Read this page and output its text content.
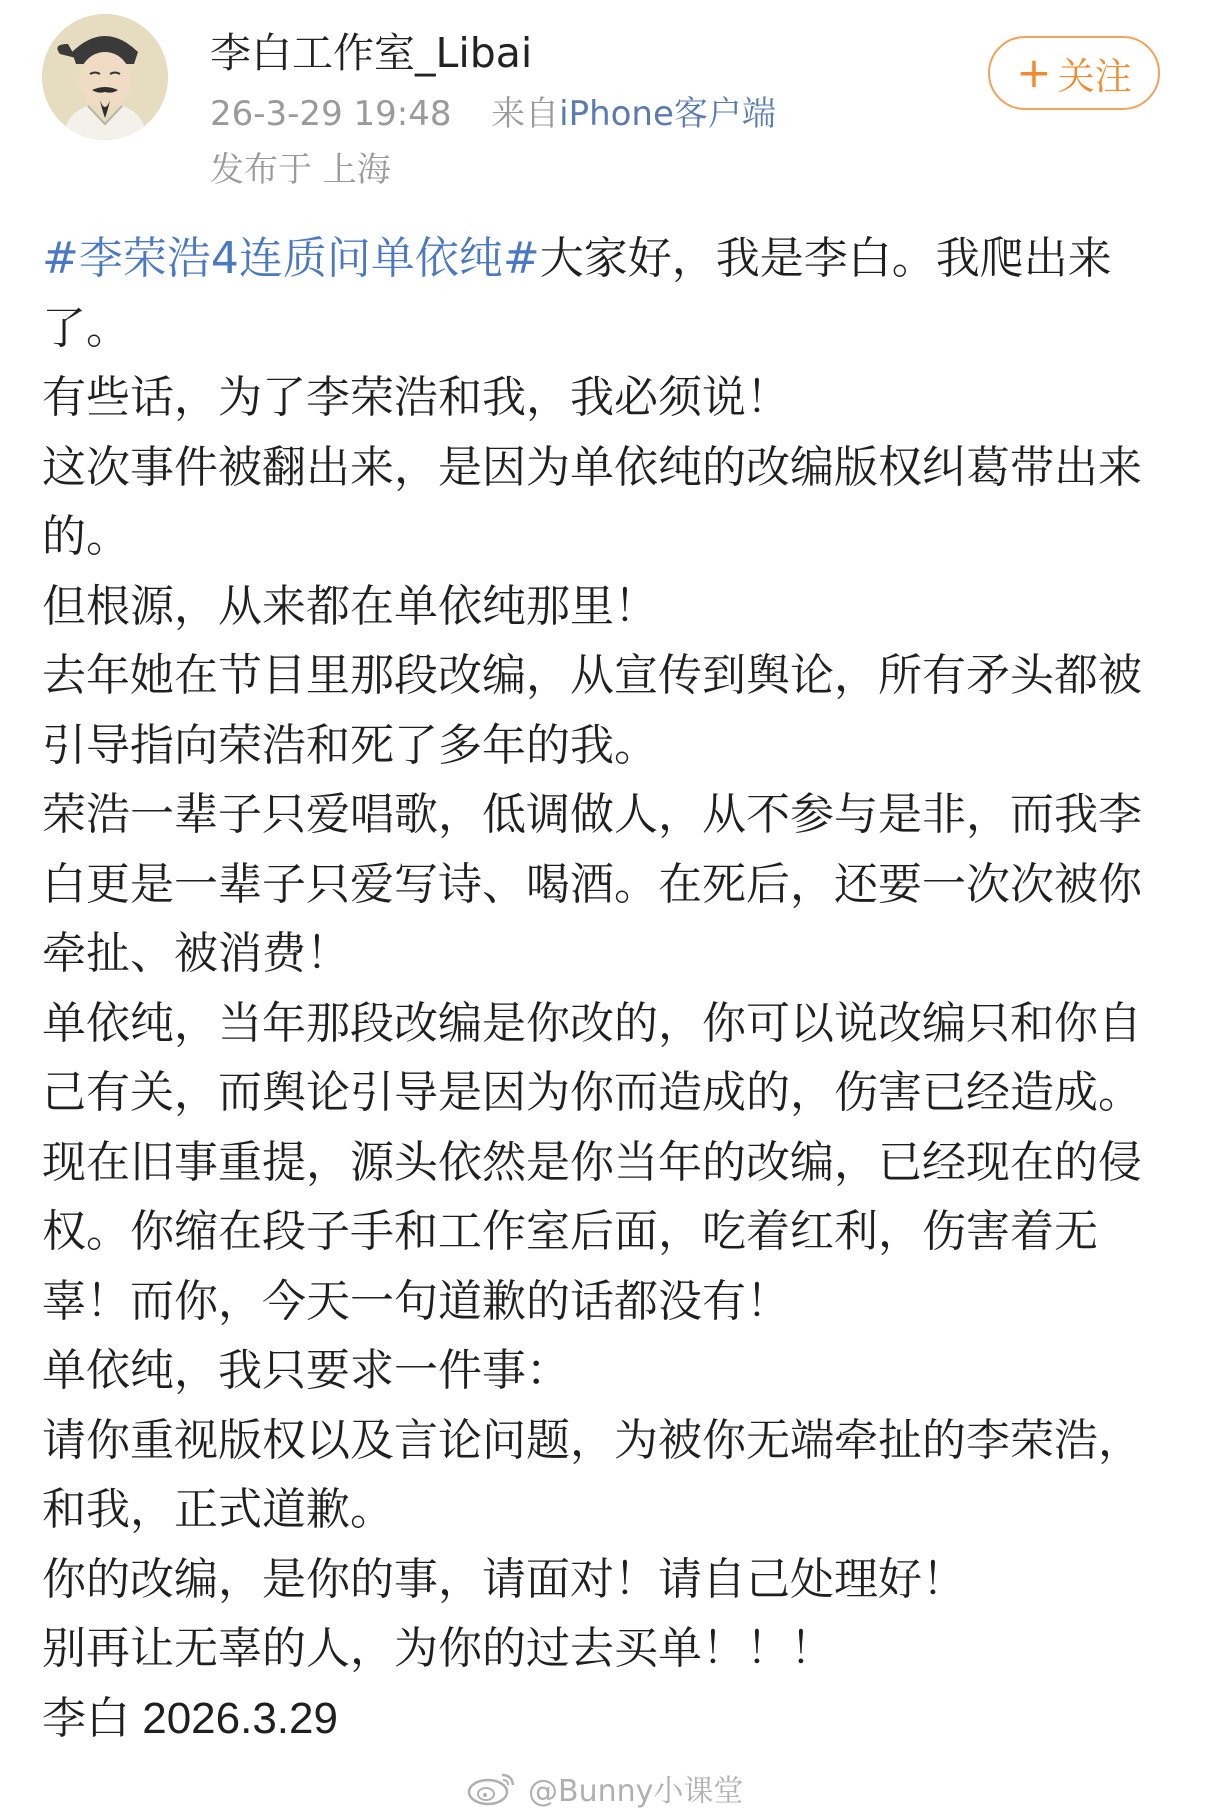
李白工作室_Libai
26-3-29 19:48 来自iPhone客户端
发布于 上海
+ 关注

#李荣浩4连质问单依纯#大家好，我是李白。我爬出来了。

有些话，为了李荣浩和我，我必须说！

这次事件被翻出来，是因为单依纯的改编版权纠葛带出来的。

但根源，从来都在单依纯那里！

去年她在节目里那段改编，从宣传到舆论，所有矛头都被引导指向荣浩和死了多年的我。

荣浩一辈子只爱唱歌，低调做人，从不参与是非，而我李白更是一辈子只爱写诗、喝酒。在死后，还要一次次被你牵扯、被消费！

单依纯，当年那段改编是你改的，你可以说改编只和你自己有关，而舆论引导是因为你而造成的，伤害已经造成。现在旧事重提，源头依然是你当年的改编，已经现在的侵权。你缩在段子手和工作室后面，吃着红利，伤害着无辜！而你，今天一句道歉的话都没有！

单依纯，我只要求一件事：

请你重视版权以及言论问题，为被你无端牵扯的李荣浩，和我，正式道歉。

你的改编，是你的事，请面对！请自己处理好！

别再让无辜的人，为你的过去买单！！！

李白 2026.3.29

@Bunny小课堂
